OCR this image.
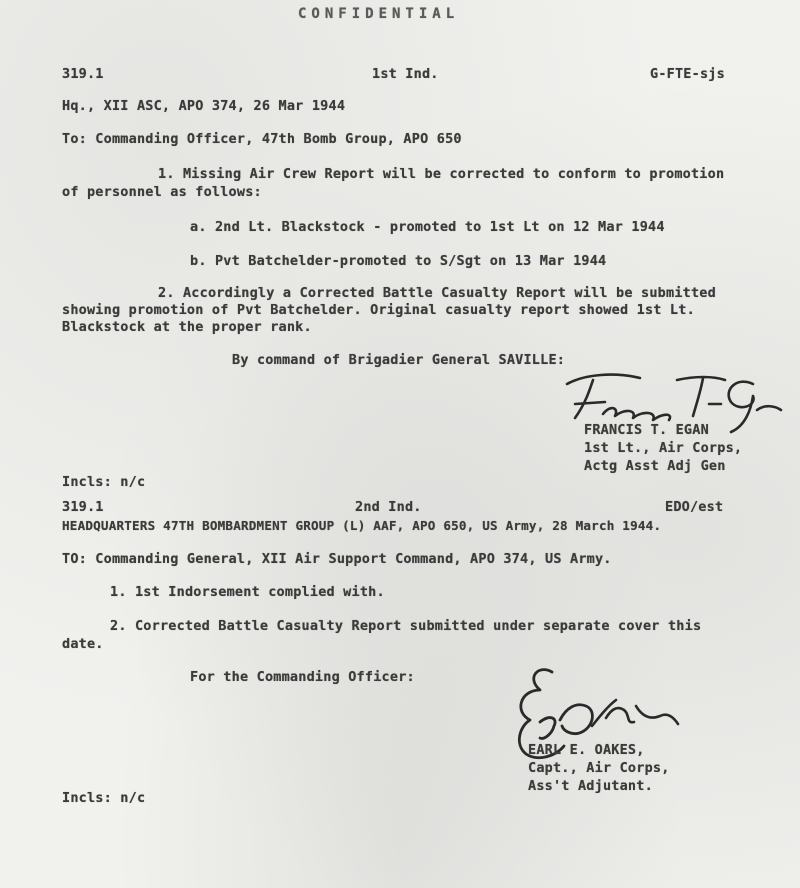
CONFIDENTIAL
319.1	1st Ind.	G-FTE-sjs
Hq., XII ASC, APO 374, 26 Mar 1944
To: Commanding Officer, 47th Bomb Group, APO 650
1. Missing Air Crew Report will be corrected to conform to promotion
of personnel as follows:
a. 2nd Lt. Blackstock - promoted to 1st Lt on 12 Mar 1944
b. Pvt Batchelder-promoted to S/Sgt on 13 Mar 1944
2. Accordingly a Corrected Battle Casualty Report will be submitted
showing promotion of Pvt Batchelder. Original casualty report showed 1st Lt.
Blackstock at the proper rank.
By command of Brigadier General SAVILLE:
FRANCIS T. EGAN
1st Lt., Air Corps,
Actg Asst Adj Gen
Incls: n/c
319.1	2nd Ind.	EDO/est
HEADQUARTERS 47TH BOMBARDMENT GROUP (L) AAF, APO 650, US Army, 28 March 1944.
TO: Commanding General, XII Air Support Command, APO 374, US Army.
1. 1st Indorsement complied with.
2. Corrected Battle Casualty Report submitted under separate cover this
date.
For the Commanding Officer:
EARL E. OAKES,
Capt., Air Corps,
Ass't Adjutant.
Incls: n/c
